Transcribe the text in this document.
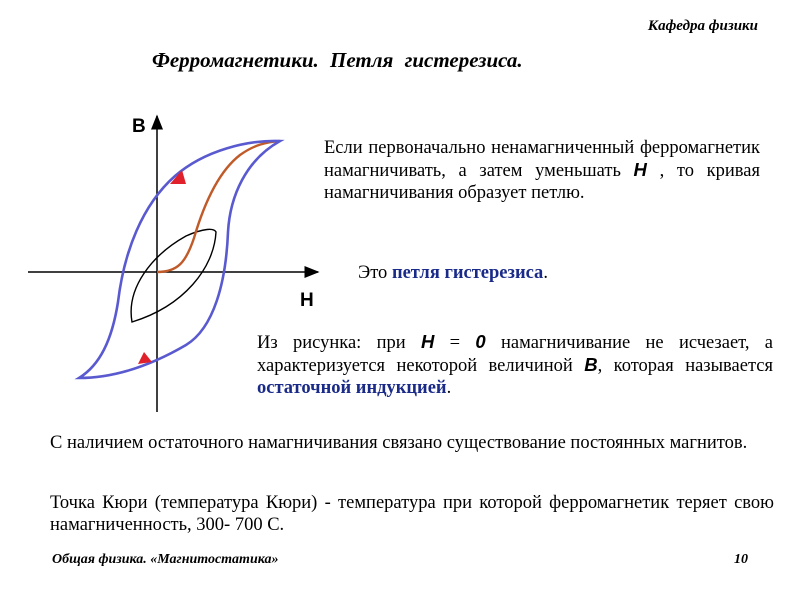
Кафедра физики
Ферромагнетики. Петля гистерезиса.
B
H
Если первоначально ненамагниченный ферромагнетик намагничивать, а затем уменьшать H , то кривая намагничивания образует петлю.
Это петля гистерезиса.
Из рисунка: при H = 0 намагничивание не исчезает, а характеризуется некоторой величиной B, которая называется остаточной индукцией.
С наличием остаточного намагничивания связано существование постоянных магнитов.
Точка Кюри (температура Кюри) - температура при которой ферромагнетик теряет свою намагниченность, 300- 700 С.
Общая физика. «Магнитостатика»	10
